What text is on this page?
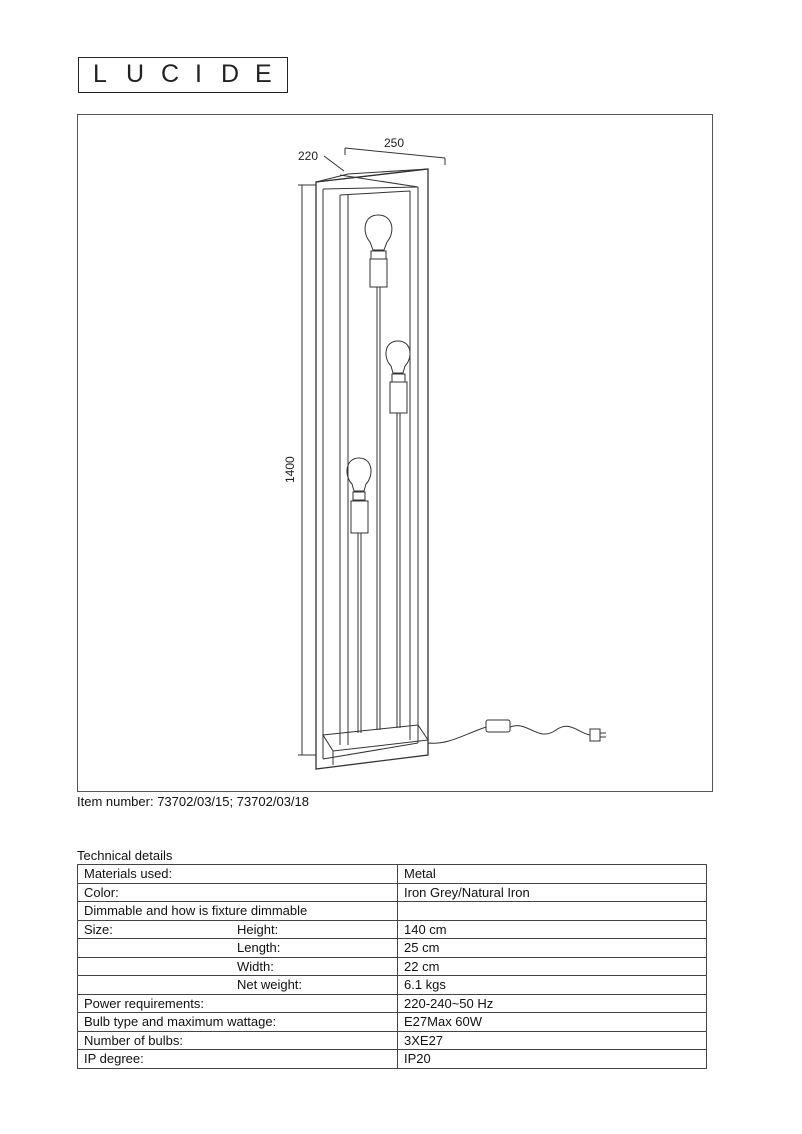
L U C I D E
250
220
1400
Item number: 73702/03/15; 73702/03/18
Technical details
Materials used:	Metal
Color:	Iron Grey/Natural Iron
Dimmable and how is fixture dimmable	
Size: Height:	140 cm
Length:	25 cm
Width:	22 cm
Net weight:	6.1 kgs
Power requirements:	220-240~50 Hz
Bulb type and maximum wattage:	E27Max 60W
Number of bulbs:	3XE27
IP degree:	IP20
